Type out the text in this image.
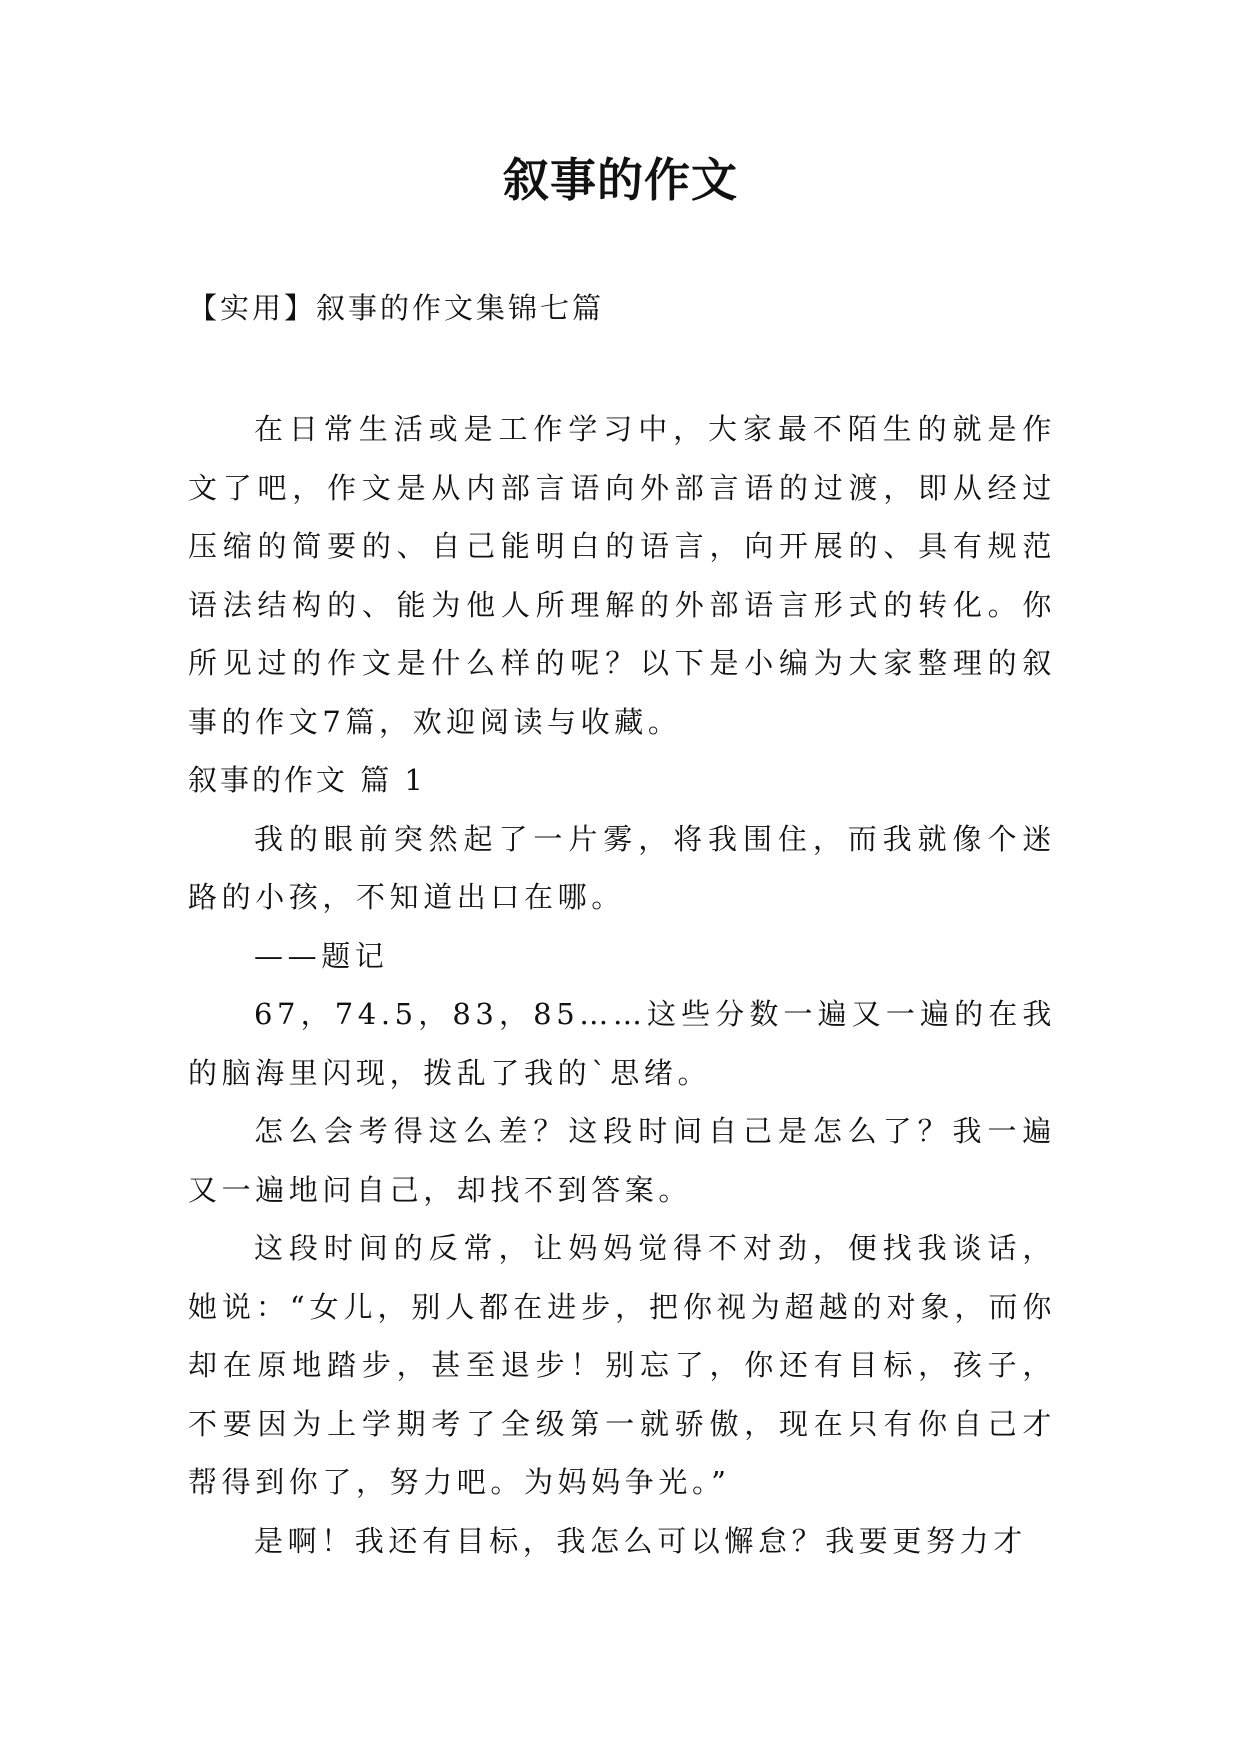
叙事的作文
【实用】叙事的作文集锦七篇

在日常生活或是工作学习中，大家最不陌生的就是作文了吧，作文是从内部言语向外部言语的过渡，即从经过压缩的简要的、自己能明白的语言，向开展的、具有规范语法结构的、能为他人所理解的外部语言形式的转化。你所见过的作文是什么样的呢？以下是小编为大家整理的叙事的作文7篇，欢迎阅读与收藏。

叙事的作文 篇 1

我的眼前突然起了一片雾，将我围住，而我就像个迷路的小孩，不知道出口在哪。

——题记

67，74.5，83，85……这些分数一遍又一遍的在我的脑海里闪现，拨乱了我的`思绪。

怎么会考得这么差？这段时间自己是怎么了？我一遍又一遍地问自己，却找不到答案。

这段时间的反常，让妈妈觉得不对劲，便找我谈话，她说：“女儿，别人都在进步，把你视为超越的对象，而你却在原地踏步，甚至退步！别忘了，你还有目标，孩子，不要因为上学期考了全级第一就骄傲，现在只有你自己才帮得到你了，努力吧。为妈妈争光。”

是啊！我还有目标，我怎么可以懈怠？我要更努力才
